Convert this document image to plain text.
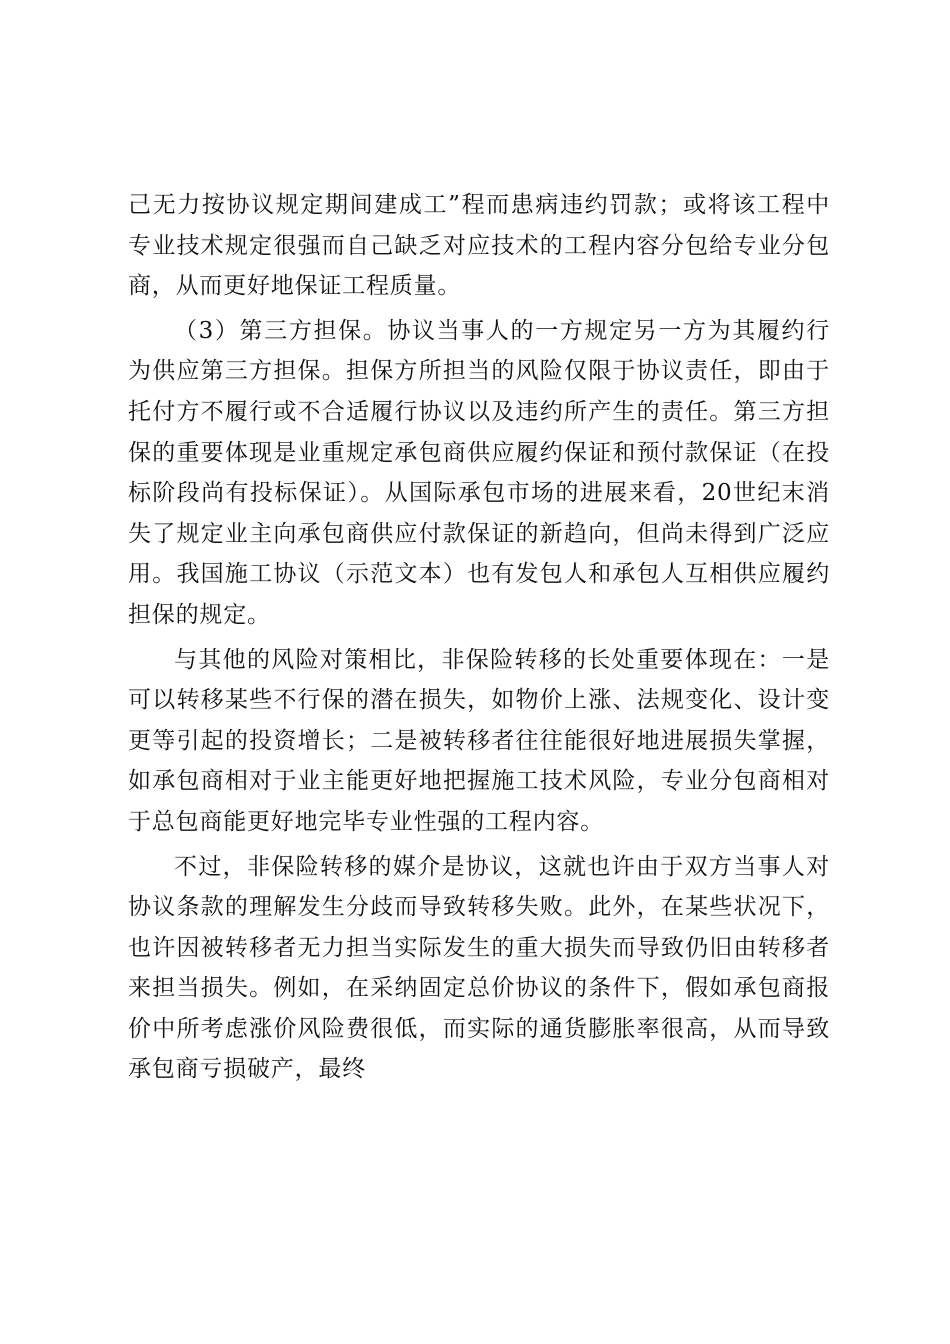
己无力按协议规定期间建成工”程而患病违约罚款；或将该工程中专业技术规定很强而自己缺乏对应技术的工程内容分包给专业分包商，从而更好地保证工程质量。

（3）第三方担保。协议当事人的一方规定另一方为其履约行为供应第三方担保。担保方所担当的风险仅限于协议责任，即由于托付方不履行或不合适履行协议以及违约所产生的责任。第三方担保的重要体现是业重规定承包商供应履约保证和预付款保证（在投标阶段尚有投标保证）。从国际承包市场的进展来看，20世纪末消失了规定业主向承包商供应付款保证的新趋向，但尚未得到广泛应用。我国施工协议（示范文本）也有发包人和承包人互相供应履约担保的规定。

与其他的风险对策相比，非保险转移的长处重要体现在：一是可以转移某些不行保的潜在损失，如物价上涨、法规变化、设计变更等引起的投资增长；二是被转移者往往能很好地进展损失掌握，如承包商相对于业主能更好地把握施工技术风险，专业分包商相对于总包商能更好地完毕专业性强的工程内容。

不过，非保险转移的媒介是协议，这就也许由于双方当事人对协议条款的理解发生分歧而导致转移失败。此外，在某些状况下，也许因被转移者无力担当实际发生的重大损失而导致仍旧由转移者来担当损失。例如，在采纳固定总价协议的条件下，假如承包商报价中所考虑涨价风险费很低，而实际的通货膨胀率很高，从而导致承包商亏损破产，最终
